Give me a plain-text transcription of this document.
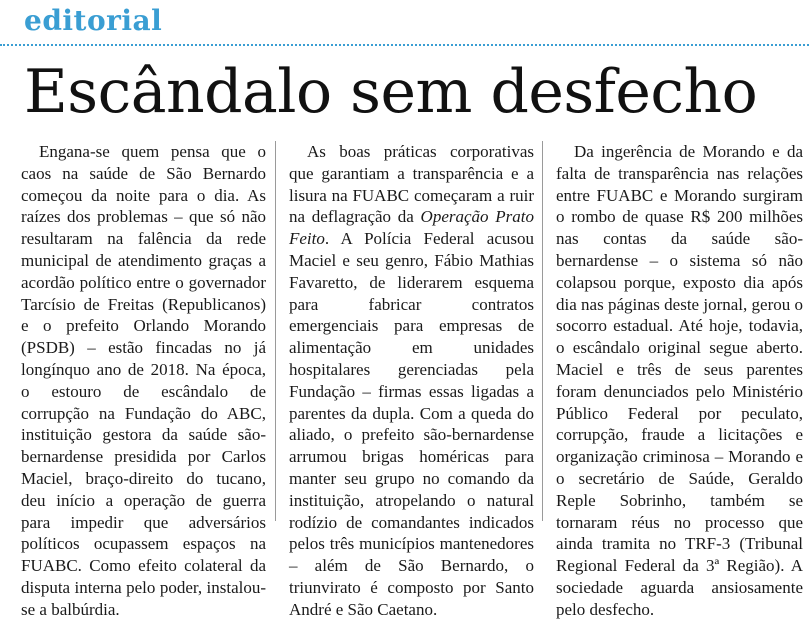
editorial
Escândalo sem desfecho

Engana-se quem pensa que o caos na saúde de São Bernardo começou da noite para o dia. As raízes dos problemas – que só não resultaram na falência da rede municipal de atendimento graças a acordão político entre o governador Tarcísio de Freitas (Republicanos) e o prefeito Orlando Morando (PSDB) – estão fincadas no já longínquo ano de 2018. Na época, o estouro de escândalo de corrupção na Fundação do ABC, instituição gestora da saúde são-bernardense presidida por Carlos Maciel, braço-direito do tucano, deu início a operação de guerra para impedir que adversários políticos ocupassem espaços na FUABC. Como efeito colateral da disputa interna pelo poder, instalou-se a balbúrdia.

As boas práticas corporativas que garantiam a transparência e a lisura na FUABC começaram a ruir na deflagração da Operação Prato Feito. A Polícia Federal acusou Maciel e seu genro, Fábio Mathias Favaretto, de liderarem esquema para fabricar contratos emergenciais para empresas de alimentação em unidades hospitalares gerenciadas pela Fundação – firmas essas ligadas a parentes da dupla. Com a queda do aliado, o prefeito são-bernardense arrumou brigas homéricas para manter seu grupo no comando da instituição, atropelando o natural rodízio de comandantes indicados pelos três municípios mantenedores – além de São Bernardo, o triunvirato é composto por Santo André e São Caetano.

Da ingerência de Morando e da falta de transparência nas relações entre FUABC e Morando surgiram o rombo de quase R$ 200 milhões nas contas da saúde são-bernardense – o sistema só não colapsou porque, exposto dia após dia nas páginas deste jornal, gerou o socorro estadual. Até hoje, todavia, o escândalo original segue aberto. Maciel e três de seus parentes foram denunciados pelo Ministério Público Federal por peculato, corrupção, fraude a licitações e organização criminosa – Morando e o secretário de Saúde, Geraldo Reple Sobrinho, também se tornaram réus no processo que ainda tramita no TRF-3 (Tribunal Regional Federal da 3ª Região). A sociedade aguarda ansiosamente pelo desfecho.
